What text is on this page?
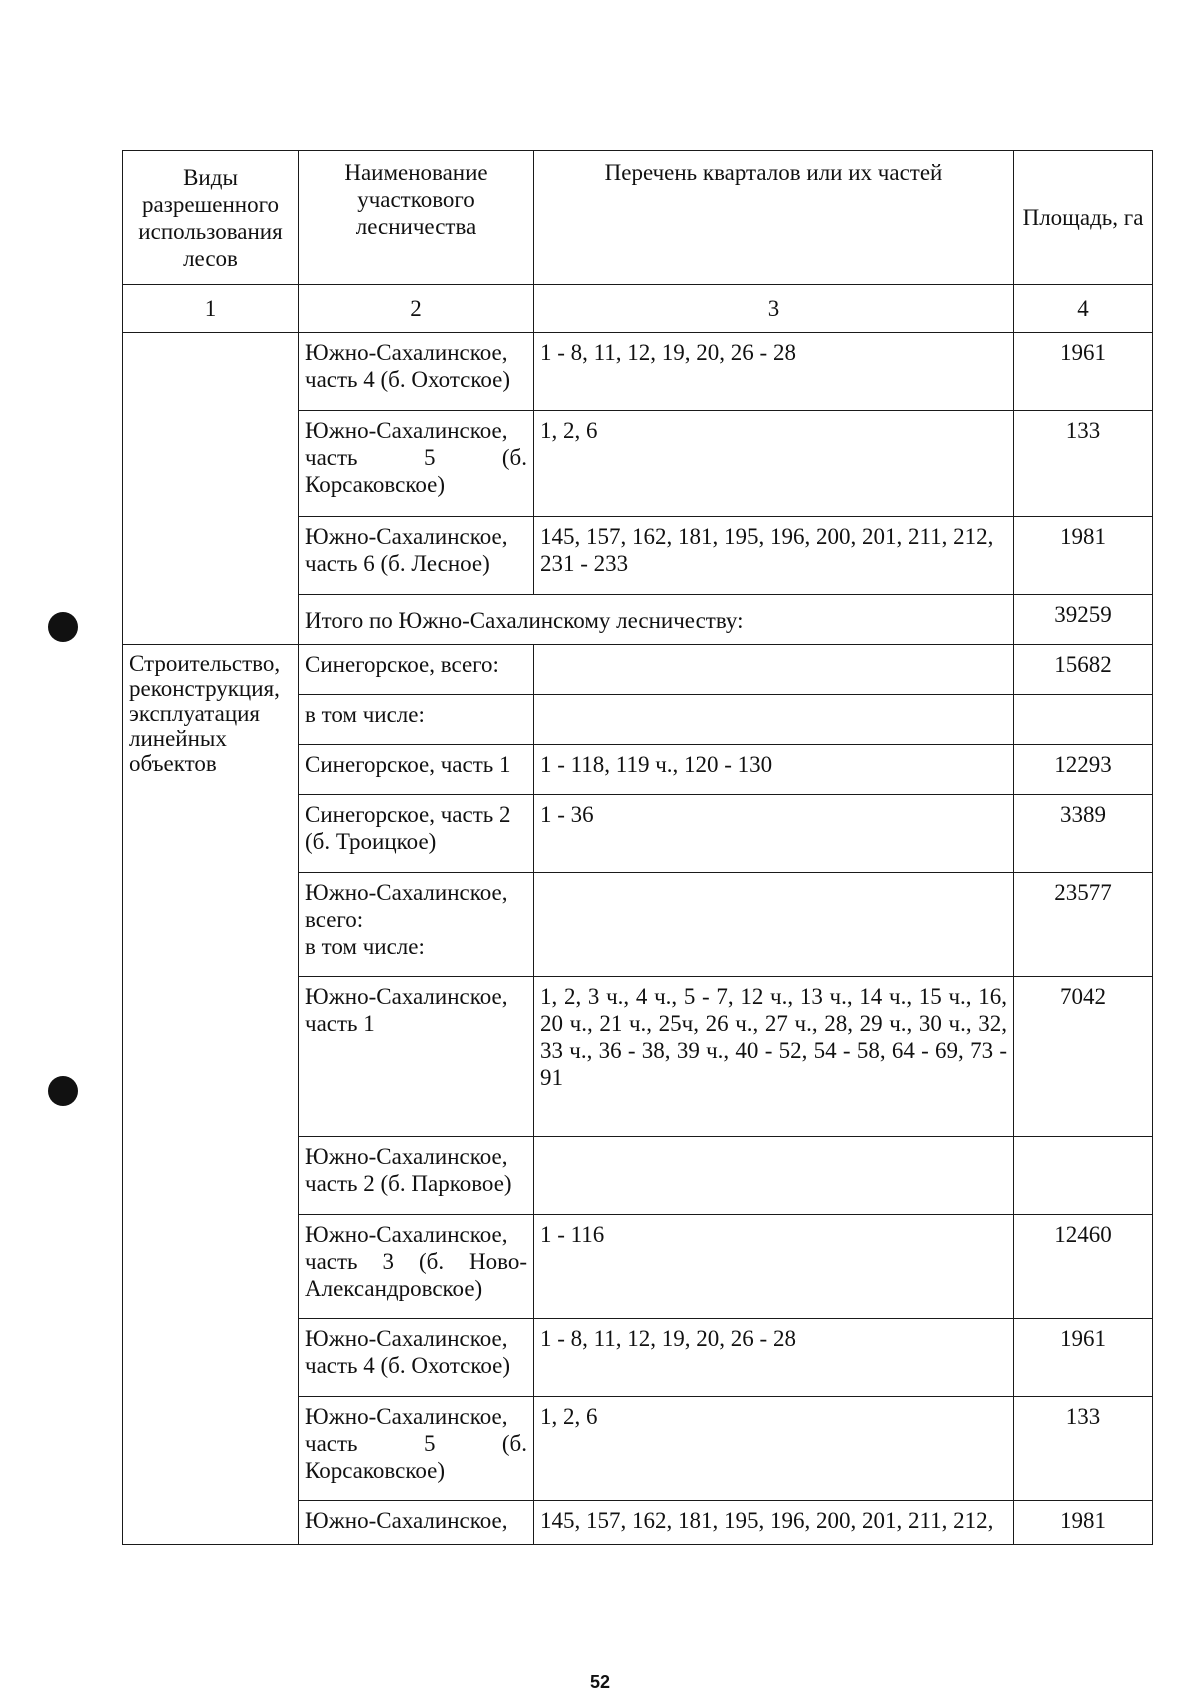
Виды разрешенного использования лесов	Наименование участкового лесничества	Перечень кварталов или их частей	Площадь, га
1	2	3	4
	Южно-Сахалинское, часть 4 (б. Охотское)	1 - 8, 11, 12, 19, 20, 26 - 28	1961

	Южно-Сахалинское,
часть 5 (б.
Корсаковское)	1, 2, 6	133
	Южно-Сахалинское, часть 6 (б. Лесное)	145, 157, 162, 181, 195, 196, 200, 201, 211, 212, 231 - 233	1981
	Итого по Южно-Сахалинскому лесничеству:		39259
Строительство, реконструкция, эксплуатация линейных объектов	Синегорское, всего:		15682
	в том числе:		
	Синегорское, часть 1	1 - 118, 119 ч., 120 - 130	12293
	Синегорское, часть 2 (б. Троицкое)	1 - 36	3389

	Южно-Сахалинское,
всего:
в том числе:		23577
	Южно-Сахалинское, часть 1	1, 2, 3 ч., 4 ч., 5 - 7, 12 ч., 13 ч., 14 ч., 15 ч., 16, 20 ч., 21 ч., 25ч, 26 ч., 27 ч., 28, 29 ч., 30 ч., 32, 33 ч., 36 - 38, 39 ч., 40 - 52, 54 - 58, 64 - 69, 73 - 91	7042
	Южно-Сахалинское, часть 2 (б. Парковое)		
	Южно-Сахалинское, часть 3 (б. Ново-Александровское)	1 - 116	12460
	Южно-Сахалинское, часть 4 (б. Охотское)	1 - 8, 11, 12, 19, 20, 26 - 28	1961

	Южно-Сахалинское,
часть 5 (б.
Корсаковское)	1, 2, 6	133
	Южно-Сахалинское,	145, 157, 162, 181, 195, 196, 200, 201, 211, 212,	1981
52
